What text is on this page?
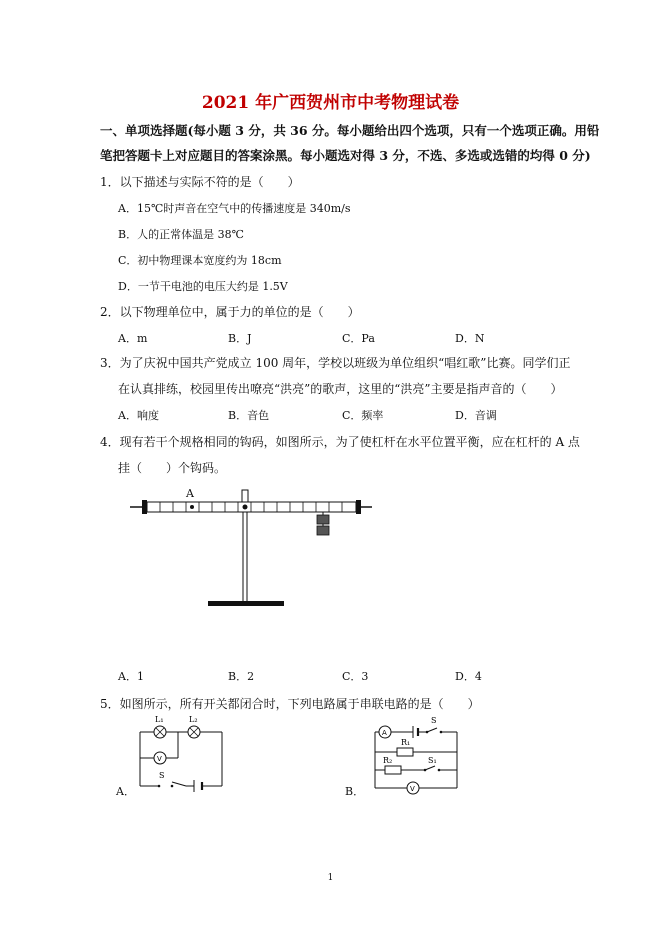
2021 年广西贺州市中考物理试卷

一、单项选择题(每小题 3 分，共 36 分。每小题给出四个选项，只有一个选项正确。用铅

笔把答题卡上对应题目的答案涂黑。每小题选对得 3 分，不选、多选或选错的均得 0 分)

1．以下描述与实际不符的是（　　）

A．15℃时声音在空气中的传播速度是 340m/s

B．人的正常体温是 38℃

C．初中物理课本宽度约为 18cm

D．一节干电池的电压大约是 1.5V

2．以下物理单位中，属于力的单位的是（　　）

A．m	B．J	C．Pa	D．N

3．为了庆祝中国共产党成立 100 周年，学校以班级为单位组织“唱红歌”比赛。同学们正

在认真排练，校园里传出嘹亮“洪亮”的歌声，这里的“洪亮”主要是指声音的（　　）

A．响度	B．音色	C．频率	D．音调

4．现有若干个规格相同的钩码，如图所示，为了使杠杆在水平位置平衡，应在杠杆的 A 点

挂（　　）个钩码。

A

A．1	B．2	C．3	D．4

5．如图所示，所有开关都闭合时，下列电路属于串联电路的是（　　）

L₁	L₂
V
S

A．

A
S
R₁
R₂	S₁
V

B．

1
